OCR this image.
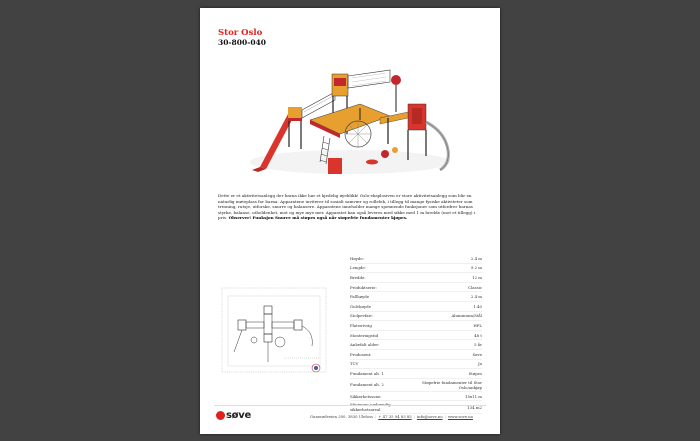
Stor Oslo
30-800-040
Dette er et aktivitetsanlegg der barna ikke har et kjedelig øyeblikk! Oslo-eksplosiven er store aktivitetsanlegg som blir en naturlig møteplass for barna. Apparatene inviterer til sosialt samvær og rollelek, i tillegg til mange fysiske aktiviteter som tresning, rutsje, utforske, snurre og balansere. Apparatene inneholder mange spennende funksjoner som utfordrer barnas styrke, balanse, utholdenhet, mot og mye mye mer. Apparatet kan også leveres med sikke med 1 m bredde (mot et tillegg) i pris. Observer! Funksjon Snurre må støpes også når støpefrie fundamenter kjøpes.
Høyde:	2.4 m
Lengde:	9.2 m
Bredde:	12 m
Produktserie:	Classic
Fallhøyde	2.4 m
Gulvhøyde	1.40
Stolpevfarc	Aluminium/Stål
Plateutvrig	HPL
Monteringstid	48 t
Anbefalt alder:	5 år
Produsent:	Søve
TCV	Ja
Fundament alt. 1	Støpes
Fundament alt. 2	Støpefrie fundamenter til Stor Oslo/ankjøp
Sikkerhetssone:	15x11 m
Minimum nødvendig sikkerhetsareal	134 m2
søve	Gunerødveien 200, 3830 Ulefoss | + 47 35 94 83 85 | info@sove.no | www.sove.no
